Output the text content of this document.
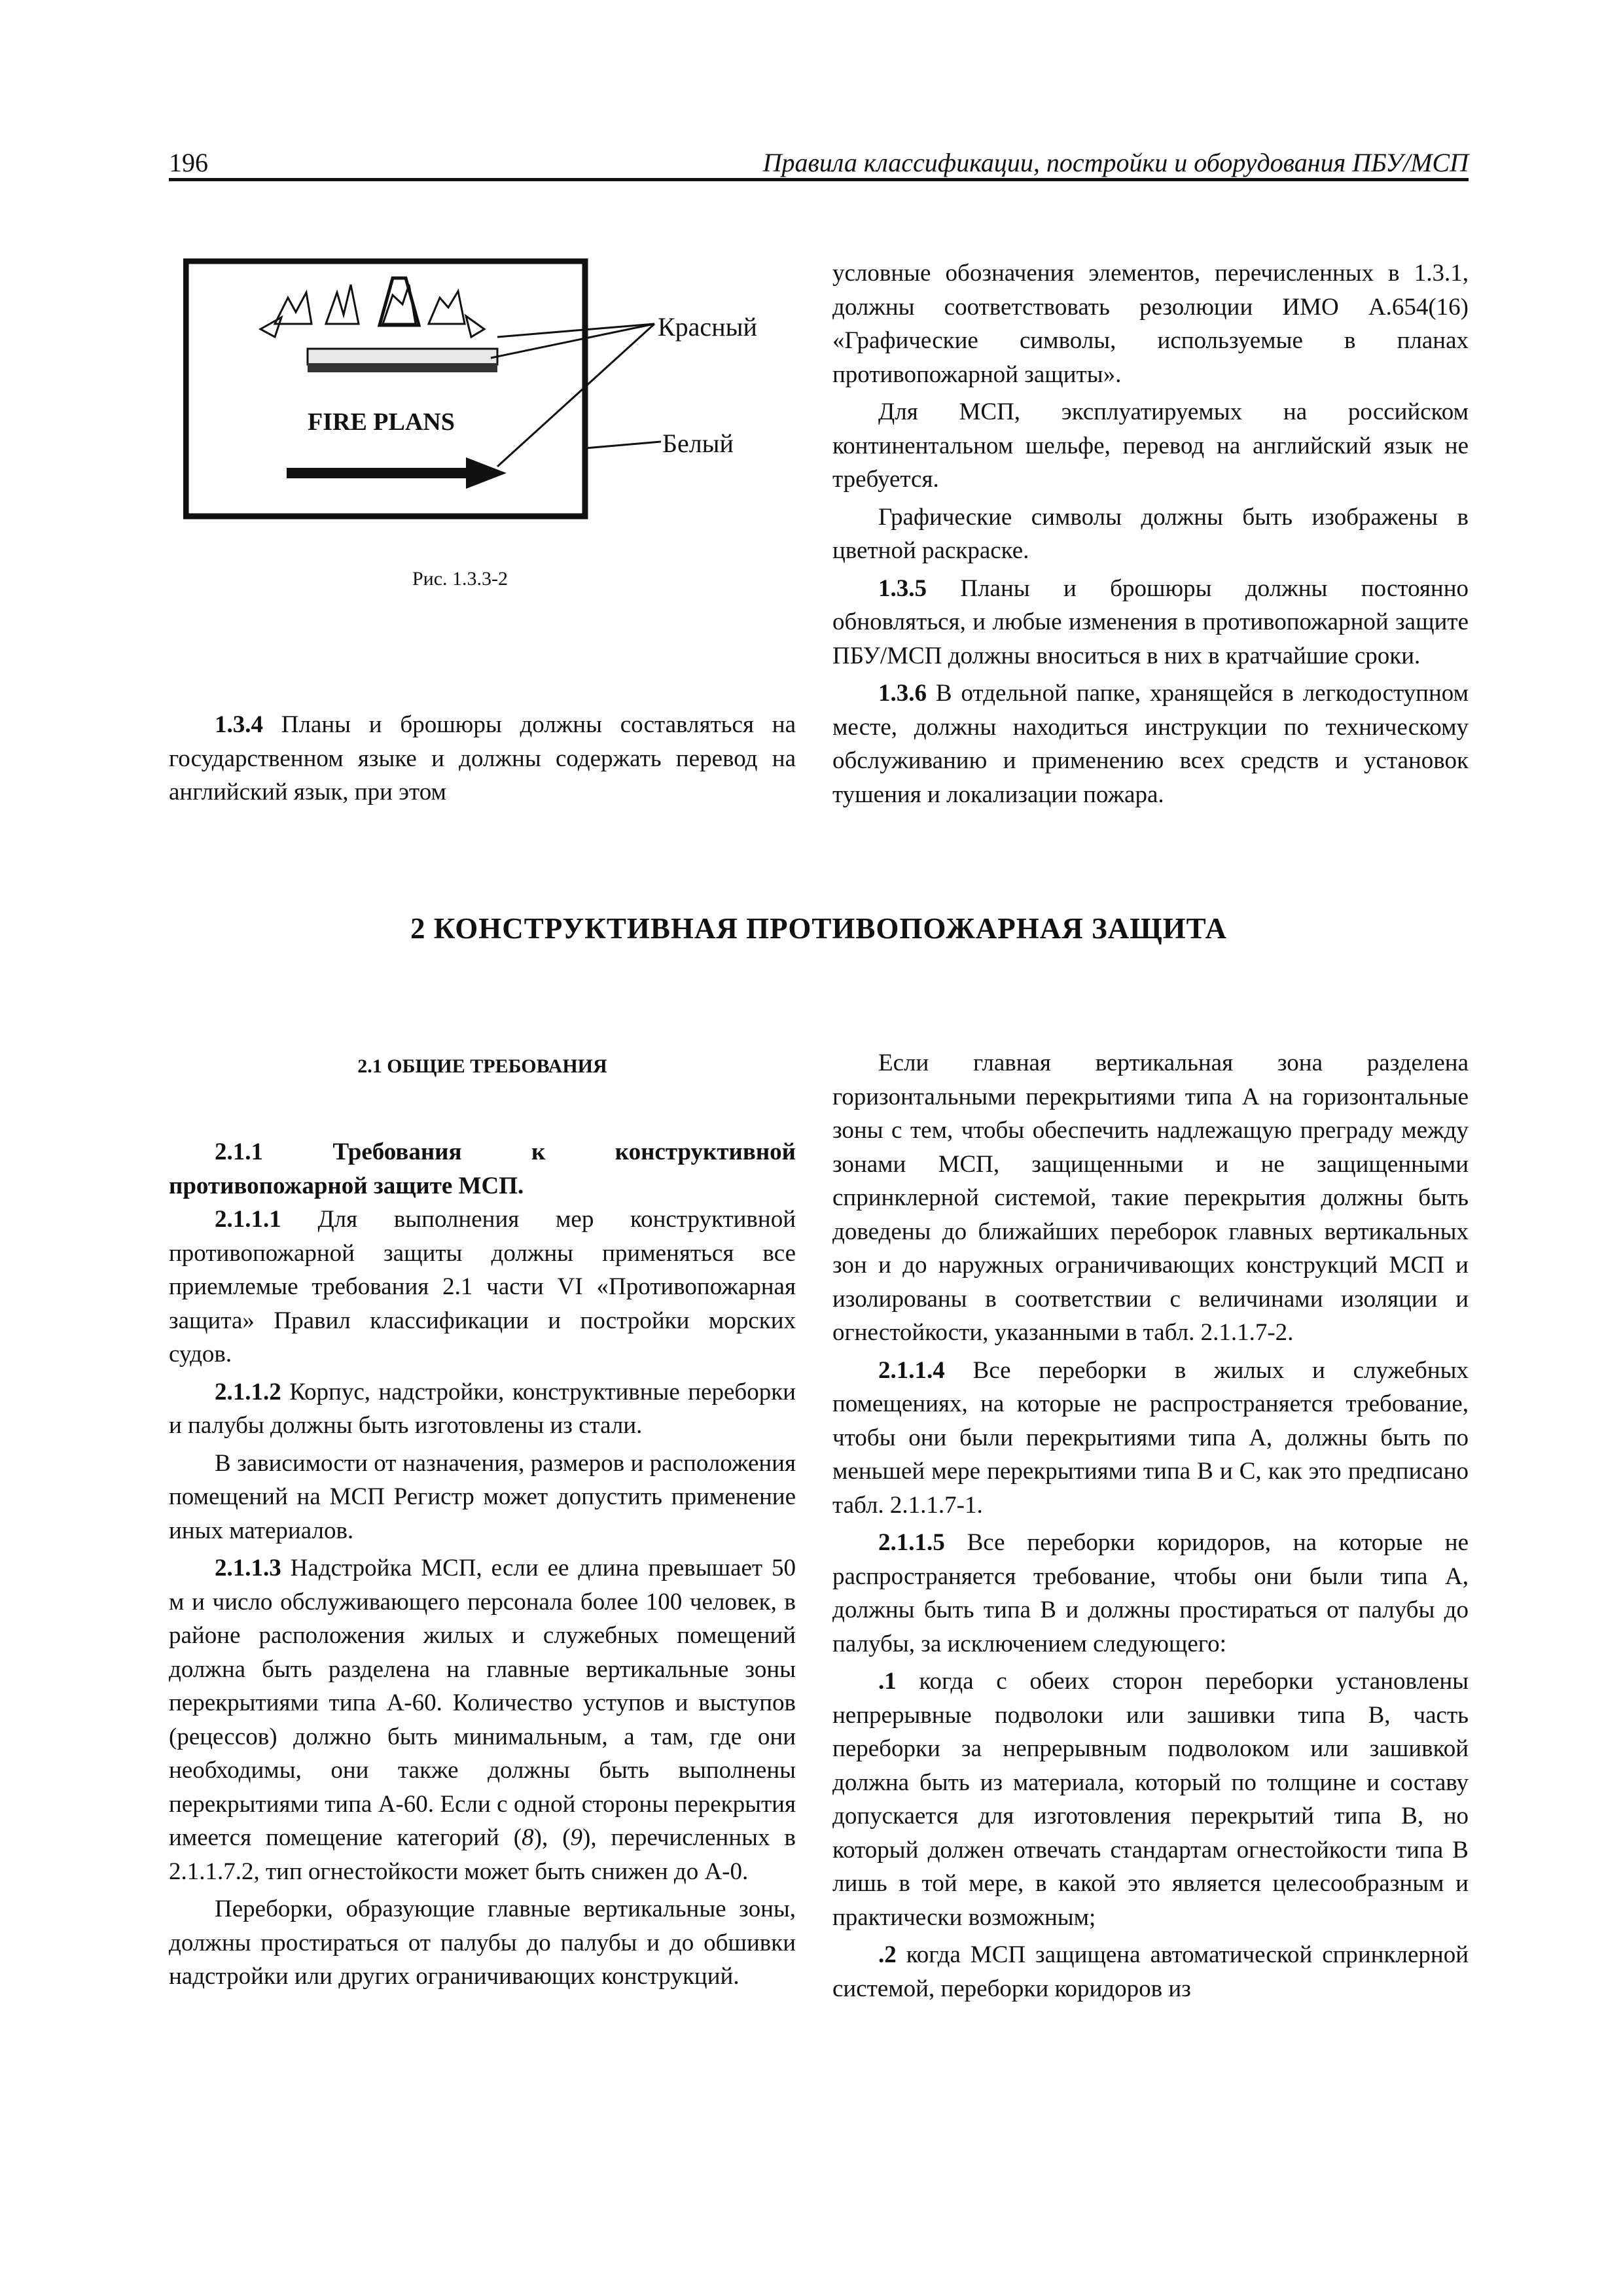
196	Правила классификации, постройки и оборудования ПБУ/МСП
FIRE PLANS
Красный
Белый
Рис. 1.3.3-2

1.3.4 Планы и брошюры должны составляться на государственном языке и должны содержать перевод на английский язык, при этом

условные обозначения элементов, перечисленных в 1.3.1, должны соответствовать резолюции ИМО А.654(16) «Графические символы, используемые в планах противопожарной защиты».

Для МСП, эксплуатируемых на российском континентальном шельфе, перевод на английский язык не требуется.

Графические символы должны быть изображены в цветной раскраске.

1.3.5 Планы и брошюры должны постоянно обновляться, и любые изменения в противопожарной защите ПБУ/МСП должны вноситься в них в кратчайшие сроки.

1.3.6 В отдельной папке, хранящейся в легкодоступном месте, должны находиться инструкции по техническому обслуживанию и применению всех средств и установок тушения и локализации пожара.

2 КОНСТРУКТИВНАЯ ПРОТИВОПОЖАРНАЯ ЗАЩИТА
2.1 ОБЩИЕ ТРЕБОВАНИЯ

2.1.1 Требования к конструктивной противопожарной защите МСП.

2.1.1.1 Для выполнения мер конструктивной противопожарной защиты должны применяться все приемлемые требования 2.1 части VI «Противопожарная защита» Правил классификации и постройки морских судов.

2.1.1.2 Корпус, надстройки, конструктивные переборки и палубы должны быть изготовлены из стали.

В зависимости от назначения, размеров и расположения помещений на МСП Регистр может допустить применение иных материалов.

2.1.1.3 Надстройка МСП, если ее длина превышает 50 м и число обслуживающего персонала более 100 человек, в районе расположения жилых и служебных помещений должна быть разделена на главные вертикальные зоны перекрытиями типа А-60. Количество уступов и выступов (рецессов) должно быть минимальным, а там, где они необходимы, они также должны быть выполнены перекрытиями типа А-60. Если с одной стороны перекрытия имеется помещение категорий (8), (9), перечисленных в 2.1.1.7.2, тип огнестойкости может быть снижен до А-0.

Переборки, образующие главные вертикальные зоны, должны простираться от палубы до палубы и до обшивки надстройки или других ограничивающих конструкций.

Если главная вертикальная зона разделена горизонтальными перекрытиями типа А на горизонтальные зоны с тем, чтобы обеспечить надлежащую преграду между зонами МСП, защищенными и не защищенными спринклерной системой, такие перекрытия должны быть доведены до ближайших переборок главных вертикальных зон и до наружных ограничивающих конструкций МСП и изолированы в соответствии с величинами изоляции и огнестойкости, указанными в табл. 2.1.1.7-2.

2.1.1.4 Все переборки в жилых и служебных помещениях, на которые не распространяется требование, чтобы они были перекрытиями типа А, должны быть по меньшей мере перекрытиями типа В и С, как это предписано табл. 2.1.1.7-1.

2.1.1.5 Все переборки коридоров, на которые не распространяется требование, чтобы они были типа А, должны быть типа В и должны простираться от палубы до палубы, за исключением следующего:

.1 когда с обеих сторон переборки установлены непрерывные подволоки или зашивки типа В, часть переборки за непрерывным подволоком или зашивкой должна быть из материала, который по толщине и составу допускается для изготовления перекрытий типа В, но который должен отвечать стандартам огнестойкости типа В лишь в той мере, в какой это является целесообразным и практически возможным;

.2 когда МСП защищена автоматической спринклерной системой, переборки коридоров из
